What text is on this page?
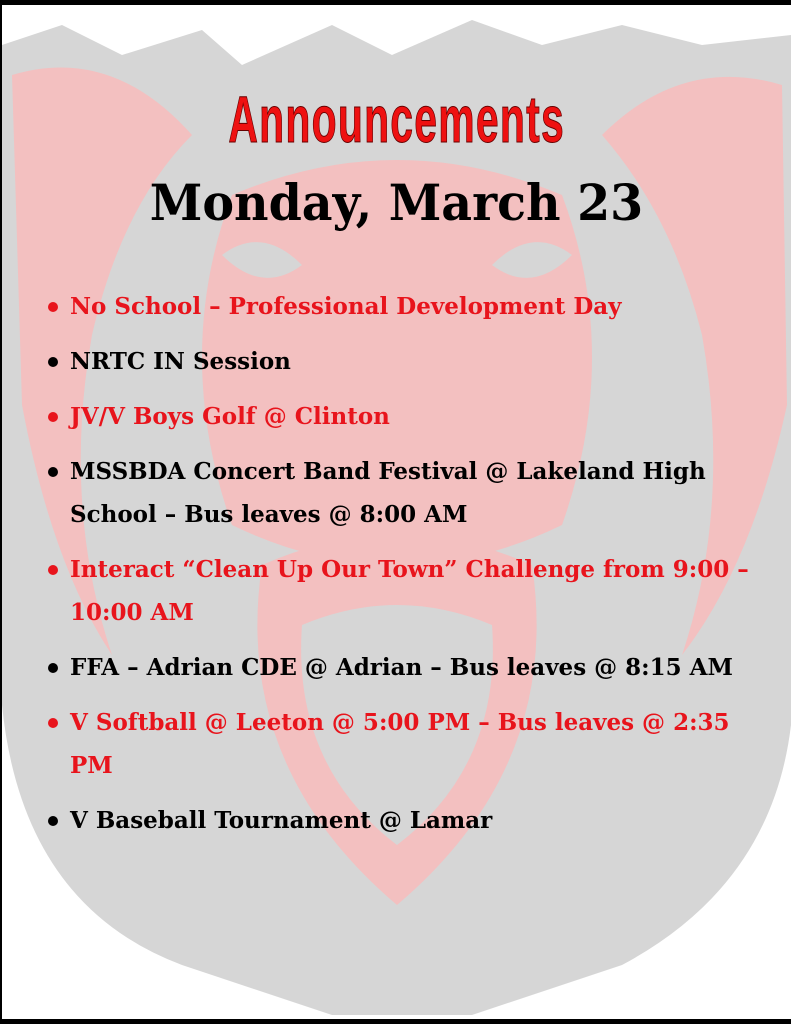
Announcements
Monday, March 23
No School – Professional Development Day
NRTC IN Session
JV/V Boys Golf @ Clinton
MSSBDA Concert Band Festival @ Lakeland High School – Bus leaves @ 8:00 AM
Interact “Clean Up Our Town” Challenge from 9:00 – 10:00 AM
FFA – Adrian CDE @ Adrian – Bus leaves @ 8:15 AM
V Softball @ Leeton @ 5:00 PM – Bus leaves @ 2:35 PM
V Baseball Tournament @ Lamar
